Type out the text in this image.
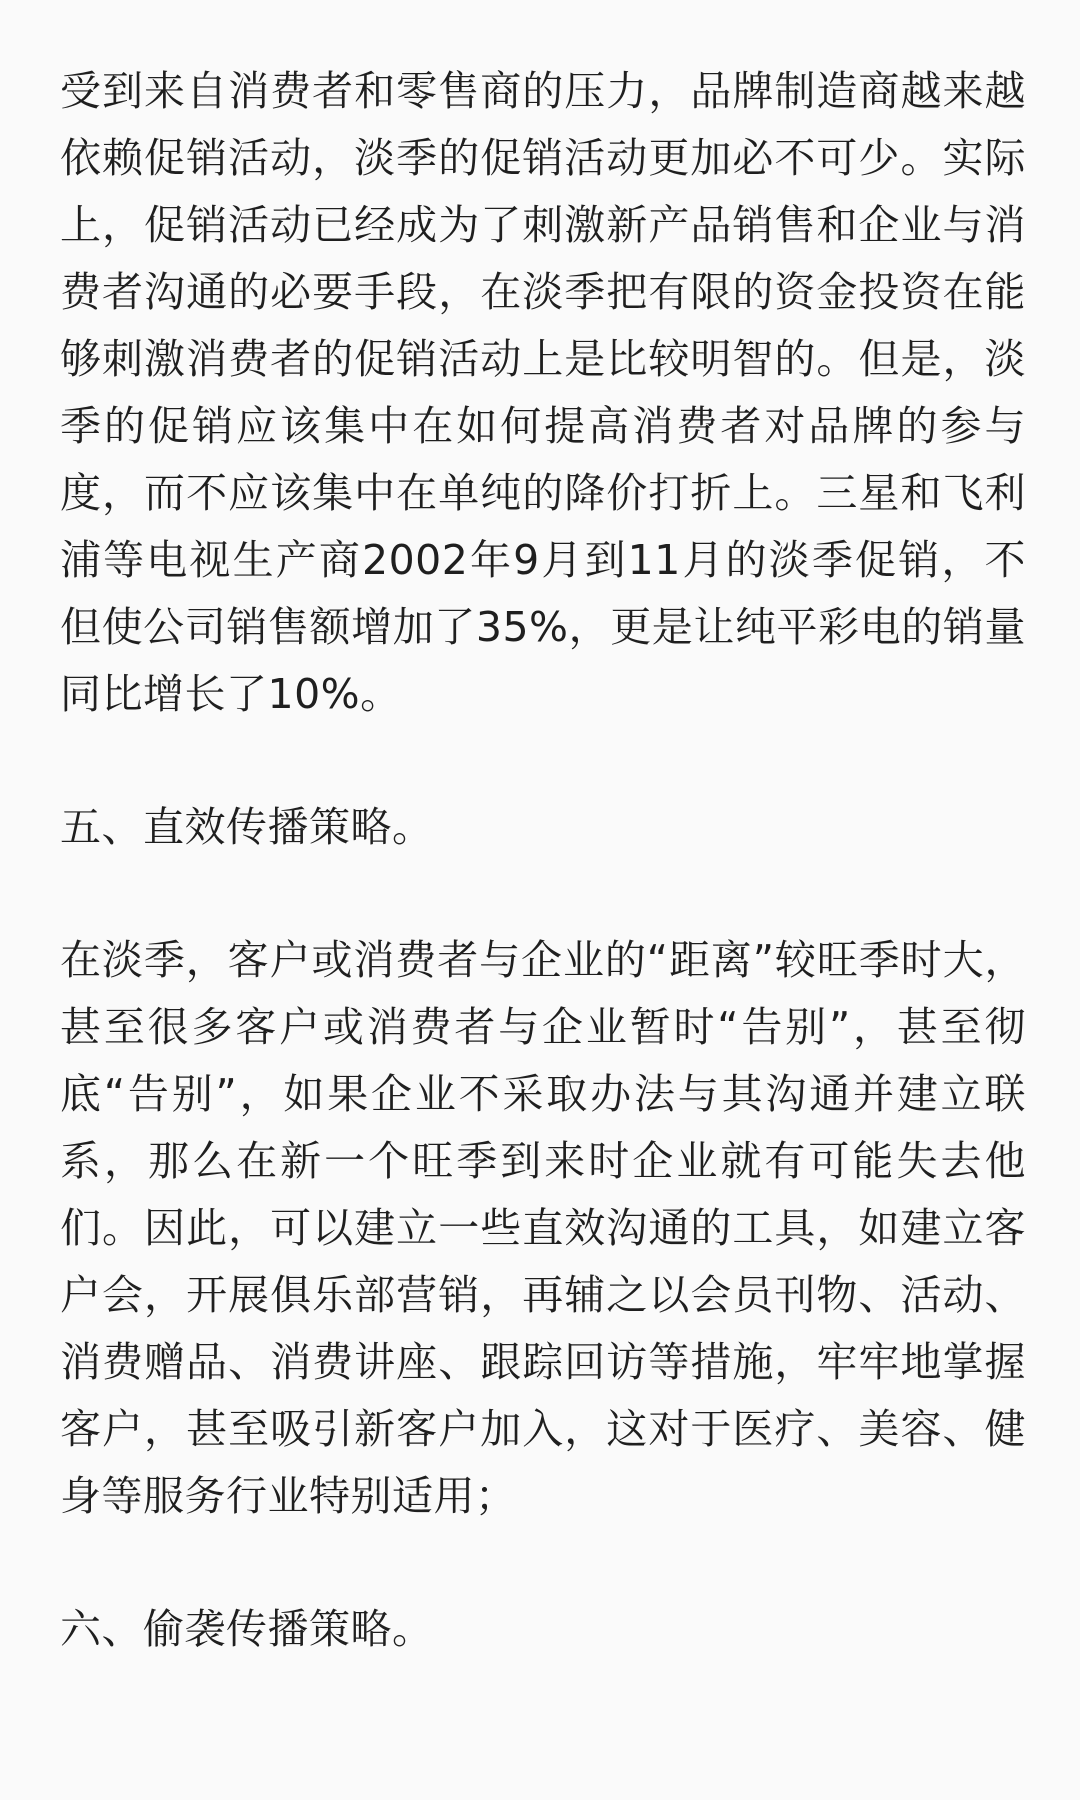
受到来自消费者和零售商的压力，品牌制造商越来越依赖促销活动，淡季的促销活动更加必不可少。实际上，促销活动已经成为了刺激新产品销售和企业与消费者沟通的必要手段，在淡季把有限的资金投资在能够刺激消费者的促销活动上是比较明智的。但是，淡季的促销应该集中在如何提高消费者对品牌的参与度，而不应该集中在单纯的降价打折上。三星和飞利浦等电视生产商2002年9月到11月的淡季促销，不但使公司销售额增加了35%，更是让纯平彩电的销量同比增长了10%。

五、直效传播策略。

在淡季，客户或消费者与企业的“距离”较旺季时大，甚至很多客户或消费者与企业暂时“告别”，甚至彻底“告别”，如果企业不采取办法与其沟通并建立联系，那么在新一个旺季到来时企业就有可能失去他们。因此，可以建立一些直效沟通的工具，如建立客户会，开展俱乐部营销，再辅之以会员刊物、活动、消费赠品、消费讲座、跟踪回访等措施，牢牢地掌握客户，甚至吸引新客户加入，这对于医疗、美容、健身等服务行业特别适用；

六、偷袭传播策略。
